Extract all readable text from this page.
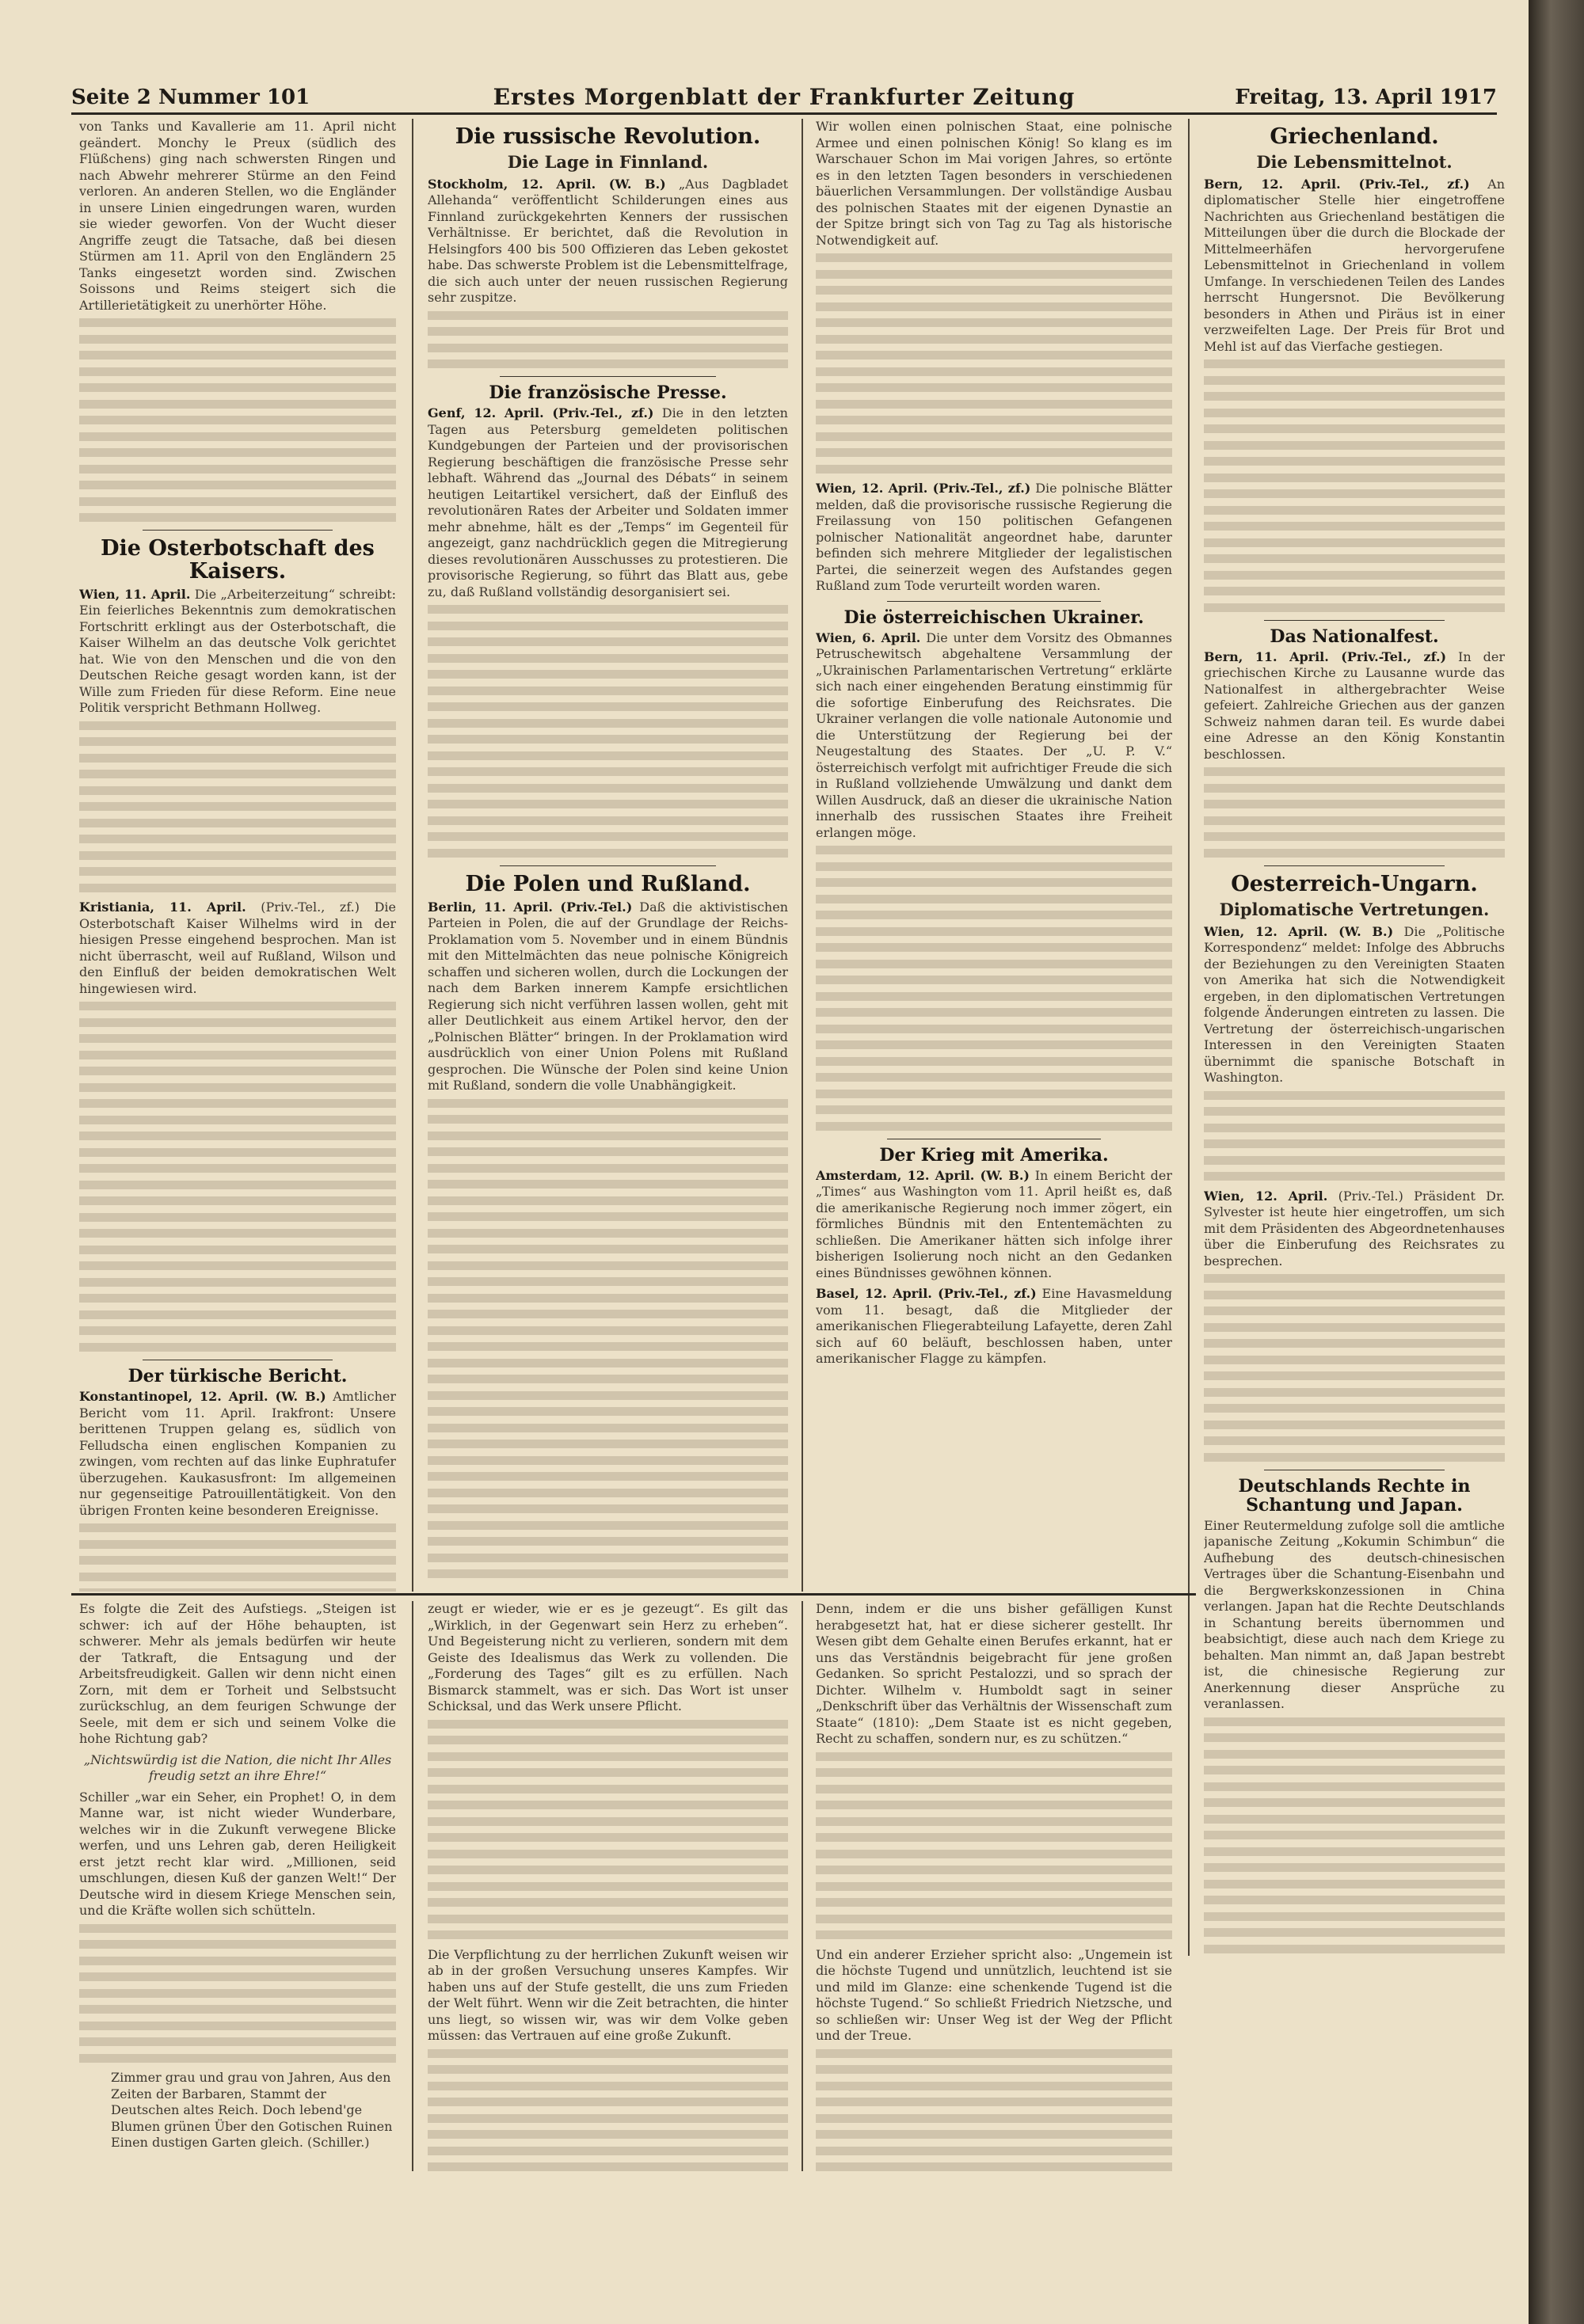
Seite 2 Nummer 101	Erstes Morgenblatt der Frankfurter Zeitung	Freitag, 13. April 1917

von Tanks und Kavallerie am 11. April nicht geändert. Monchy le Preux (südlich des Flüßchens) ging nach schwersten Ringen und nach Abwehr mehrerer Stürme an den Feind verloren. An anderen Stellen, wo die Engländer in unsere Linien eingedrungen waren, wurden sie wieder geworfen. Von der Wucht dieser Angriffe zeugt die Tatsache, daß bei diesen Stürmen am 11. April von den Engländern 25 Tanks eingesetzt worden sind. Zwischen Soissons und Reims steigert sich die Artillerietätigkeit zu unerhörter Höhe.

Die Osterbotschaft des Kaisers.

Wien, 11. April. Die „Arbeiterzeitung“ schreibt: Ein feierliches Bekenntnis zum demokratischen Fortschritt erklingt aus der Osterbotschaft, die Kaiser Wilhelm an das deutsche Volk gerichtet hat. Wie von den Menschen und die von den Deutschen Reiche gesagt worden kann, ist der Wille zum Frieden für diese Reform. Eine neue Politik verspricht Bethmann Hollweg.

Kristiania, 11. April. (Priv.-Tel., zf.) Die Osterbotschaft Kaiser Wilhelms wird in der hiesigen Presse eingehend besprochen. Man ist nicht überrascht, weil auf Rußland, Wilson und den Einfluß der beiden demokratischen Welt hingewiesen wird.

Der türkische Bericht.

Konstantinopel, 12. April. (W. B.) Amtlicher Bericht vom 11. April. Irakfront: Unsere berittenen Truppen gelang es, südlich von Felludscha einen englischen Kompanien zu zwingen, vom rechten auf das linke Euphratufer überzugehen. Kaukasusfront: Im allgemeinen nur gegenseitige Patrouillentätigkeit. Von den übrigen Fronten keine besonderen Ereignisse.

Die russische Revolution.
Die Lage in Finnland.

Stockholm, 12. April. (W. B.) „Aus Dagbladet Allehanda“ veröffentlicht Schilderungen eines aus Finnland zurückgekehrten Kenners der russischen Verhältnisse. Er berichtet, daß die Revolution in Helsingfors 400 bis 500 Offizieren das Leben gekostet habe. Das schwerste Problem ist die Lebensmittelfrage, die sich auch unter der neuen russischen Regierung sehr zuspitze.

Die französische Presse.

Genf, 12. April. (Priv.-Tel., zf.) Die in den letzten Tagen aus Petersburg gemeldeten politischen Kundgebungen der Parteien und der provisorischen Regierung beschäftigen die französische Presse sehr lebhaft. Während das „Journal des Débats“ in seinem heutigen Leitartikel versichert, daß der Einfluß des revolutionären Rates der Arbeiter und Soldaten immer mehr abnehme, hält es der „Temps“ im Gegenteil für angezeigt, ganz nachdrücklich gegen die Mitregierung dieses revolutionären Ausschusses zu protestieren. Die provisorische Regierung, so führt das Blatt aus, gebe zu, daß Rußland vollständig desorganisiert sei.

Die Polen und Rußland.

Berlin, 11. April. (Priv.-Tel.) Daß die aktivistischen Parteien in Polen, die auf der Grundlage der Reichs-Proklamation vom 5. November und in einem Bündnis mit den Mittelmächten das neue polnische Königreich schaffen und sicheren wollen, durch die Lockungen der nach dem Barken innerem Kampfe ersichtlichen Regierung sich nicht verführen lassen wollen, geht mit aller Deutlichkeit aus einem Artikel hervor, den der „Polnischen Blätter“ bringen. In der Proklamation wird ausdrücklich von einer Union Polens mit Rußland gesprochen. Die Wünsche der Polen sind keine Union mit Rußland, sondern die volle Unabhängigkeit.

Wir wollen einen polnischen Staat, eine polnische Armee und einen polnischen König! So klang es im Warschauer Schon im Mai vorigen Jahres, so ertönte es in den letzten Tagen besonders in verschiedenen bäuerlichen Versammlungen. Der vollständige Ausbau des polnischen Staates mit der eigenen Dynastie an der Spitze bringt sich von Tag zu Tag als historische Notwendigkeit auf.

Wien, 12. April. (Priv.-Tel., zf.) Die polnische Blätter melden, daß die provisorische russische Regierung die Freilassung von 150 politischen Gefangenen polnischer Nationalität angeordnet habe, darunter befinden sich mehrere Mitglieder der legalistischen Partei, die seinerzeit wegen des Aufstandes gegen Rußland zum Tode verurteilt worden waren.

Die österreichischen Ukrainer.

Wien, 6. April. Die unter dem Vorsitz des Obmannes Petruschewitsch abgehaltene Versammlung der „Ukrainischen Parlamentarischen Vertretung“ erklärte sich nach einer eingehenden Beratung einstimmig für die sofortige Einberufung des Reichsrates. Die Ukrainer verlangen die volle nationale Autonomie und die Unterstützung der Regierung bei der Neugestaltung des Staates. Der „U. P. V.“ österreichisch verfolgt mit aufrichtiger Freude die sich in Rußland vollziehende Umwälzung und dankt dem Willen Ausdruck, daß an dieser die ukrainische Nation innerhalb des russischen Staates ihre Freiheit erlangen möge.

Der Krieg mit Amerika.

Amsterdam, 12. April. (W. B.) In einem Bericht der „Times“ aus Washington vom 11. April heißt es, daß die amerikanische Regierung noch immer zögert, ein förmliches Bündnis mit den Ententemächten zu schließen. Die Amerikaner hätten sich infolge ihrer bisherigen Isolierung noch nicht an den Gedanken eines Bündnisses gewöhnen können.

Basel, 12. April. (Priv.-Tel., zf.) Eine Havasmeldung vom 11. besagt, daß die Mitglieder der amerikanischen Fliegerabteilung Lafayette, deren Zahl sich auf 60 beläuft, beschlossen haben, unter amerikanischer Flagge zu kämpfen.

Griechenland.
Die Lebensmittelnot.

Bern, 12. April. (Priv.-Tel., zf.) An diplomatischer Stelle hier eingetroffene Nachrichten aus Griechenland bestätigen die Mitteilungen über die durch die Blockade der Mittelmeerhäfen hervorgerufene Lebensmittelnot in Griechenland in vollem Umfange. In verschiedenen Teilen des Landes herrscht Hungersnot. Die Bevölkerung besonders in Athen und Piräus ist in einer verzweifelten Lage. Der Preis für Brot und Mehl ist auf das Vierfache gestiegen.

Das Nationalfest.

Bern, 11. April. (Priv.-Tel., zf.) In der griechischen Kirche zu Lausanne wurde das Nationalfest in althergebrachter Weise gefeiert. Zahlreiche Griechen aus der ganzen Schweiz nahmen daran teil. Es wurde dabei eine Adresse an den König Konstantin beschlossen.

Oesterreich-Ungarn.
Diplomatische Vertretungen.

Wien, 12. April. (W. B.) Die „Politische Korrespondenz“ meldet: Infolge des Abbruchs der Beziehungen zu den Vereinigten Staaten von Amerika hat sich die Notwendigkeit ergeben, in den diplomatischen Vertretungen folgende Änderungen eintreten zu lassen. Die Vertretung der österreichisch-ungarischen Interessen in den Vereinigten Staaten übernimmt die spanische Botschaft in Washington.

Wien, 12. April. (Priv.-Tel.) Präsident Dr. Sylvester ist heute hier eingetroffen, um sich mit dem Präsidenten des Abgeordnetenhauses über die Einberufung des Reichsrates zu besprechen.

Deutschlands Rechte in Schantung und Japan.

Einer Reutermeldung zufolge soll die amtliche japanische Zeitung „Kokumin Schimbun“ die Aufhebung des deutsch-chinesischen Vertrages über die Schantung-Eisenbahn und die Bergwerkskonzessionen in China verlangen. Japan hat die Rechte Deutschlands in Schantung bereits übernommen und beabsichtigt, diese auch nach dem Kriege zu behalten. Man nimmt an, daß Japan bestrebt ist, die chinesische Regierung zur Anerkennung dieser Ansprüche zu veranlassen.

Es folgte die Zeit des Aufstiegs. „Steigen ist schwer: ich auf der Höhe behaupten, ist schwerer. Mehr als jemals bedürfen wir heute der Tatkraft, die Entsagung und der Arbeitsfreudigkeit. Gallen wir denn nicht einen Zorn, mit dem er Torheit und Selbstsucht zurückschlug, an dem feurigen Schwunge der Seele, mit dem er sich und seinem Volke die hohe Richtung gab?

„Nichtswürdig ist die Nation, die nicht Ihr Alles freudig setzt an ihre Ehre!“

Schiller „war ein Seher, ein Prophet! O, in dem Manne war, ist nicht wieder Wunderbare, welches wir in die Zukunft verwegene Blicke werfen, und uns Lehren gab, deren Heiligkeit erst jetzt recht klar wird. „Millionen, seid umschlungen, diesen Kuß der ganzen Welt!“ Der Deutsche wird in diesem Kriege Menschen sein, und die Kräfte wollen sich schütteln.

Zimmer grau und grau von Jahren, Aus den Zeiten der Barbaren, Stammt der Deutschen altes Reich. Doch lebend'ge Blumen grünen Über den Gotischen Ruinen Einen dustigen Garten gleich. (Schiller.)

zeugt er wieder, wie er es je gezeugt“. Es gilt das „Wirklich, in der Gegenwart sein Herz zu erheben“. Und Begeisterung nicht zu verlieren, sondern mit dem Geiste des Idealismus das Werk zu vollenden. Die „Forderung des Tages“ gilt es zu erfüllen. Nach Bismarck stammelt, was er sich. Das Wort ist unser Schicksal, und das Werk unsere Pflicht.

Die Verpflichtung zu der herrlichen Zukunft weisen wir ab in der großen Versuchung unseres Kampfes. Wir haben uns auf der Stufe gestellt, die uns zum Frieden der Welt führt. Wenn wir die Zeit betrachten, die hinter uns liegt, so wissen wir, was wir dem Volke geben müssen: das Vertrauen auf eine große Zukunft.

Denn, indem er die uns bisher gefälligen Kunst herabgesetzt hat, hat er diese sicherer gestellt. Ihr Wesen gibt dem Gehalte einen Berufes erkannt, hat er uns das Verständnis beigebracht für jene großen Gedanken. So spricht Pestalozzi, und so sprach der Dichter. Wilhelm v. Humboldt sagt in seiner „Denkschrift über das Verhältnis der Wissenschaft zum Staate“ (1810): „Dem Staate ist es nicht gegeben, Recht zu schaffen, sondern nur, es zu schützen.“

Und ein anderer Erzieher spricht also: „Ungemein ist die höchste Tugend und unnützlich, leuchtend ist sie und mild im Glanze: eine schenkende Tugend ist die höchste Tugend.“ So schließt Friedrich Nietzsche, und so schließen wir: Unser Weg ist der Weg der Pflicht und der Treue.
